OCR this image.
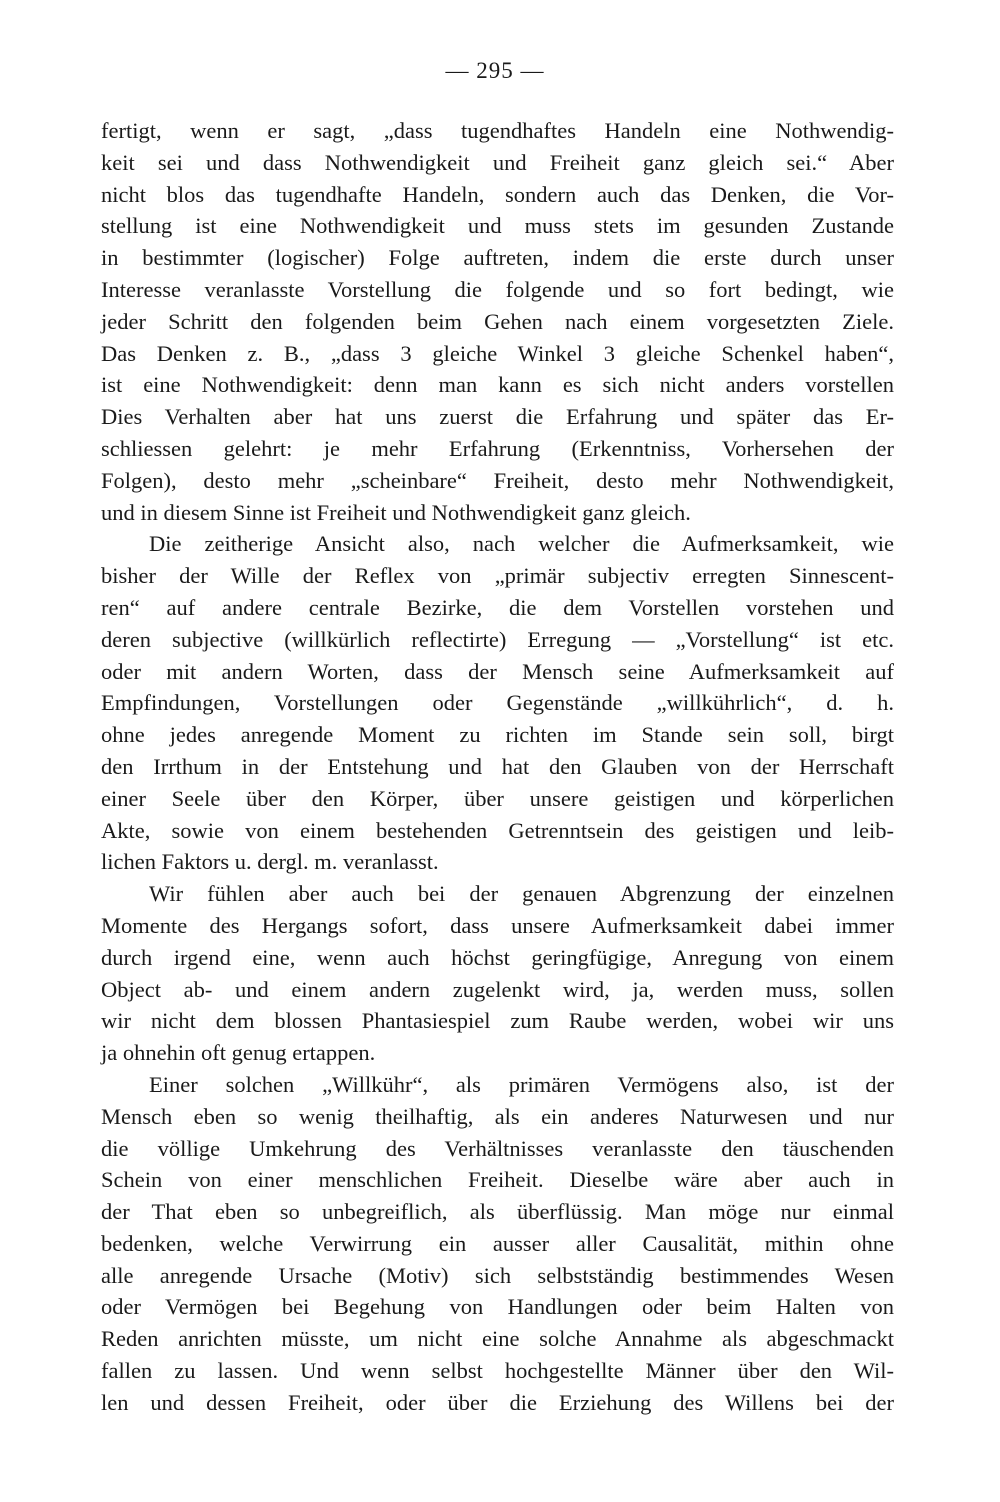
— 295 —
fertigt, wenn er sagt, „dass tugendhaftes Handeln eine Nothwendig-
keit sei und dass Nothwendigkeit und Freiheit ganz gleich sei.“ Aber
nicht blos das tugendhafte Handeln, sondern auch das Denken, die Vor-
stellung ist eine Nothwendigkeit und muss stets im gesunden Zustande
in bestimmter (logischer) Folge auftreten, indem die erste durch unser
Interesse veranlasste Vorstellung die folgende und so fort bedingt, wie
jeder Schritt den folgenden beim Gehen nach einem vorgesetzten Ziele.
Das Denken z. B., „dass 3 gleiche Winkel 3 gleiche Schenkel haben“,
ist eine Nothwendigkeit: denn man kann es sich nicht anders vorstellen
Dies Verhalten aber hat uns zuerst die Erfahrung und später das Er-
schliessen gelehrt: je mehr Erfahrung (Erkenntniss, Vorhersehen der
Folgen), desto mehr „scheinbare“ Freiheit, desto mehr Nothwendigkeit,
und in diesem Sinne ist Freiheit und Nothwendigkeit ganz gleich.
Die zeitherige Ansicht also, nach welcher die Aufmerksamkeit, wie
bisher der Wille der Reflex von „primär subjectiv erregten Sinnescent-
ren“ auf andere centrale Bezirke, die dem Vorstellen vorstehen und
deren subjective (willkürlich reflectirte) Erregung — „Vorstellung“ ist etc.
oder mit andern Worten, dass der Mensch seine Aufmerksamkeit auf
Empfindungen, Vorstellungen oder Gegenstände „willkührlich“, d. h.
ohne jedes anregende Moment zu richten im Stande sein soll, birgt
den Irrthum in der Entstehung und hat den Glauben von der Herrschaft
einer Seele über den Körper, über unsere geistigen und körperlichen
Akte, sowie von einem bestehenden Getrenntsein des geistigen und leib-
lichen Faktors u. dergl. m. veranlasst.
Wir fühlen aber auch bei der genauen Abgrenzung der einzelnen
Momente des Hergangs sofort, dass unsere Aufmerksamkeit dabei immer
durch irgend eine, wenn auch höchst geringfügige, Anregung von einem
Object ab- und einem andern zugelenkt wird, ja, werden muss, sollen
wir nicht dem blossen Phantasiespiel zum Raube werden, wobei wir uns
ja ohnehin oft genug ertappen.
Einer solchen „Willkühr“, als primären Vermögens also, ist der
Mensch eben so wenig theilhaftig, als ein anderes Naturwesen und nur
die völlige Umkehrung des Verhältnisses veranlasste den täuschenden
Schein von einer menschlichen Freiheit. Dieselbe wäre aber auch in
der That eben so unbegreiflich, als überflüssig. Man möge nur einmal
bedenken, welche Verwirrung ein ausser aller Causalität, mithin ohne
alle anregende Ursache (Motiv) sich selbstständig bestimmendes Wesen
oder Vermögen bei Begehung von Handlungen oder beim Halten von
Reden anrichten müsste, um nicht eine solche Annahme als abgeschmackt
fallen zu lassen. Und wenn selbst hochgestellte Männer über den Wil-
len und dessen Freiheit, oder über die Erziehung des Willens bei der
